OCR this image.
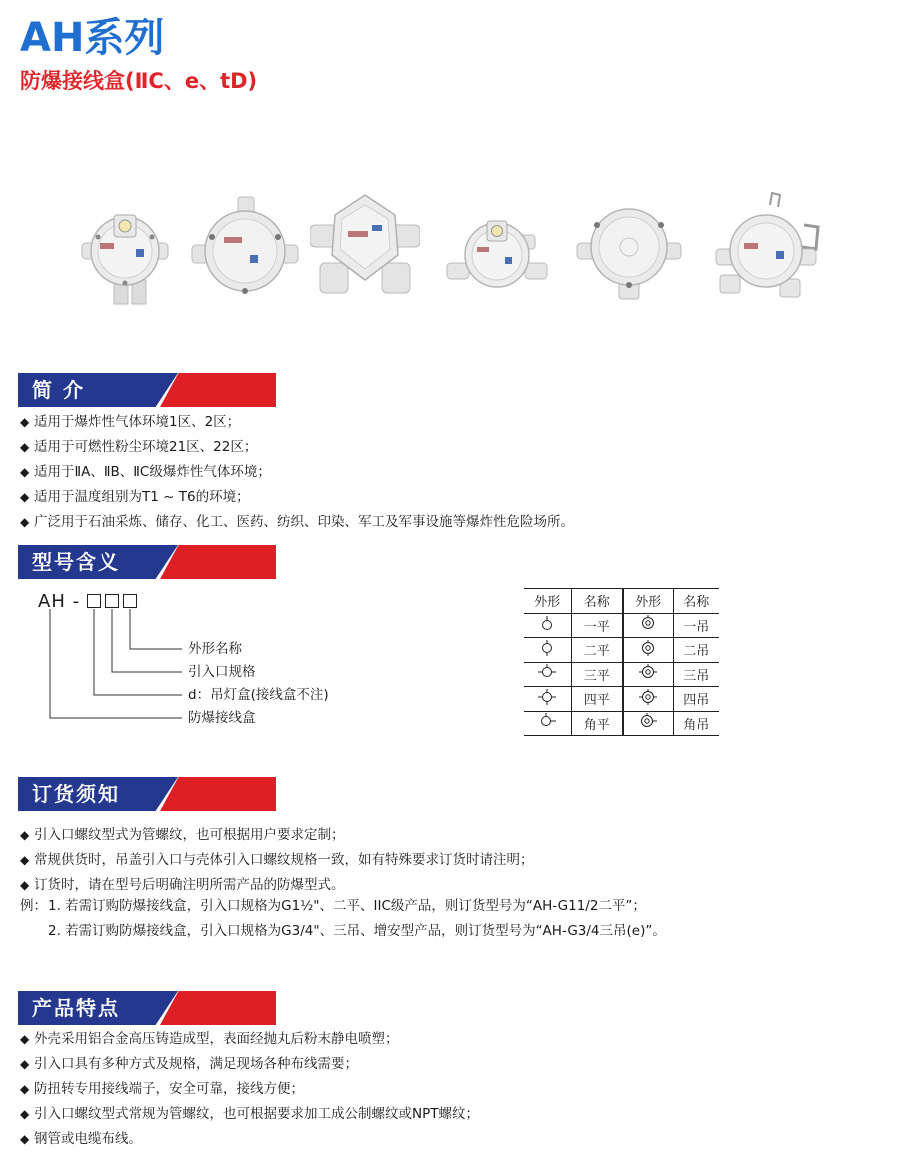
AH系列
防爆接线盒(ⅡC、e、tD)
简 介
◆ 适用于爆炸性气体环境1区、2区；
◆ 适用于可燃性粉尘环境21区、22区；
◆ 适用于ⅡA、ⅡB、ⅡC级爆炸性气体环境；
◆ 适用于温度组别为T1 ~ T6的环境；
◆ 广泛用于石油采炼、储存、化工、医药、纺织、印染、军工及军事设施等爆炸性危险场所。
型号含义
AH -
外形名称
引入口规格
d：吊灯盒(接线盒不注)
防爆接线盒
外形	名称	外形	名称
	一平		一吊
	二平		二吊
	三平		三吊
	四平		四吊
	角平		角吊
订货须知
◆ 引入口螺纹型式为管螺纹，也可根据用户要求定制；
◆ 常规供货时，吊盖引入口与壳体引入口螺纹规格一致，如有特殊要求订货时请注明；
◆ 订货时，请在型号后明确注明所需产品的防爆型式。
例： 1. 若需订购防爆接线盒，引入口规格为G1½"、二平、IIC级产品，则订货型号为“AH-G11/2二平”；
2. 若需订购防爆接线盒，引入口规格为G3/4"、三吊、增安型产品，则订货型号为“AH-G3/4三吊(e)”。
产品特点
◆ 外壳采用铝合金高压铸造成型，表面经抛丸后粉末静电喷塑；
◆ 引入口具有多种方式及规格，满足现场各种布线需要；
◆ 防扭转专用接线端子，安全可靠，接线方便；
◆ 引入口螺纹型式常规为管螺纹，也可根据要求加工成公制螺纹或NPT螺纹；
◆ 钢管或电缆布线。
